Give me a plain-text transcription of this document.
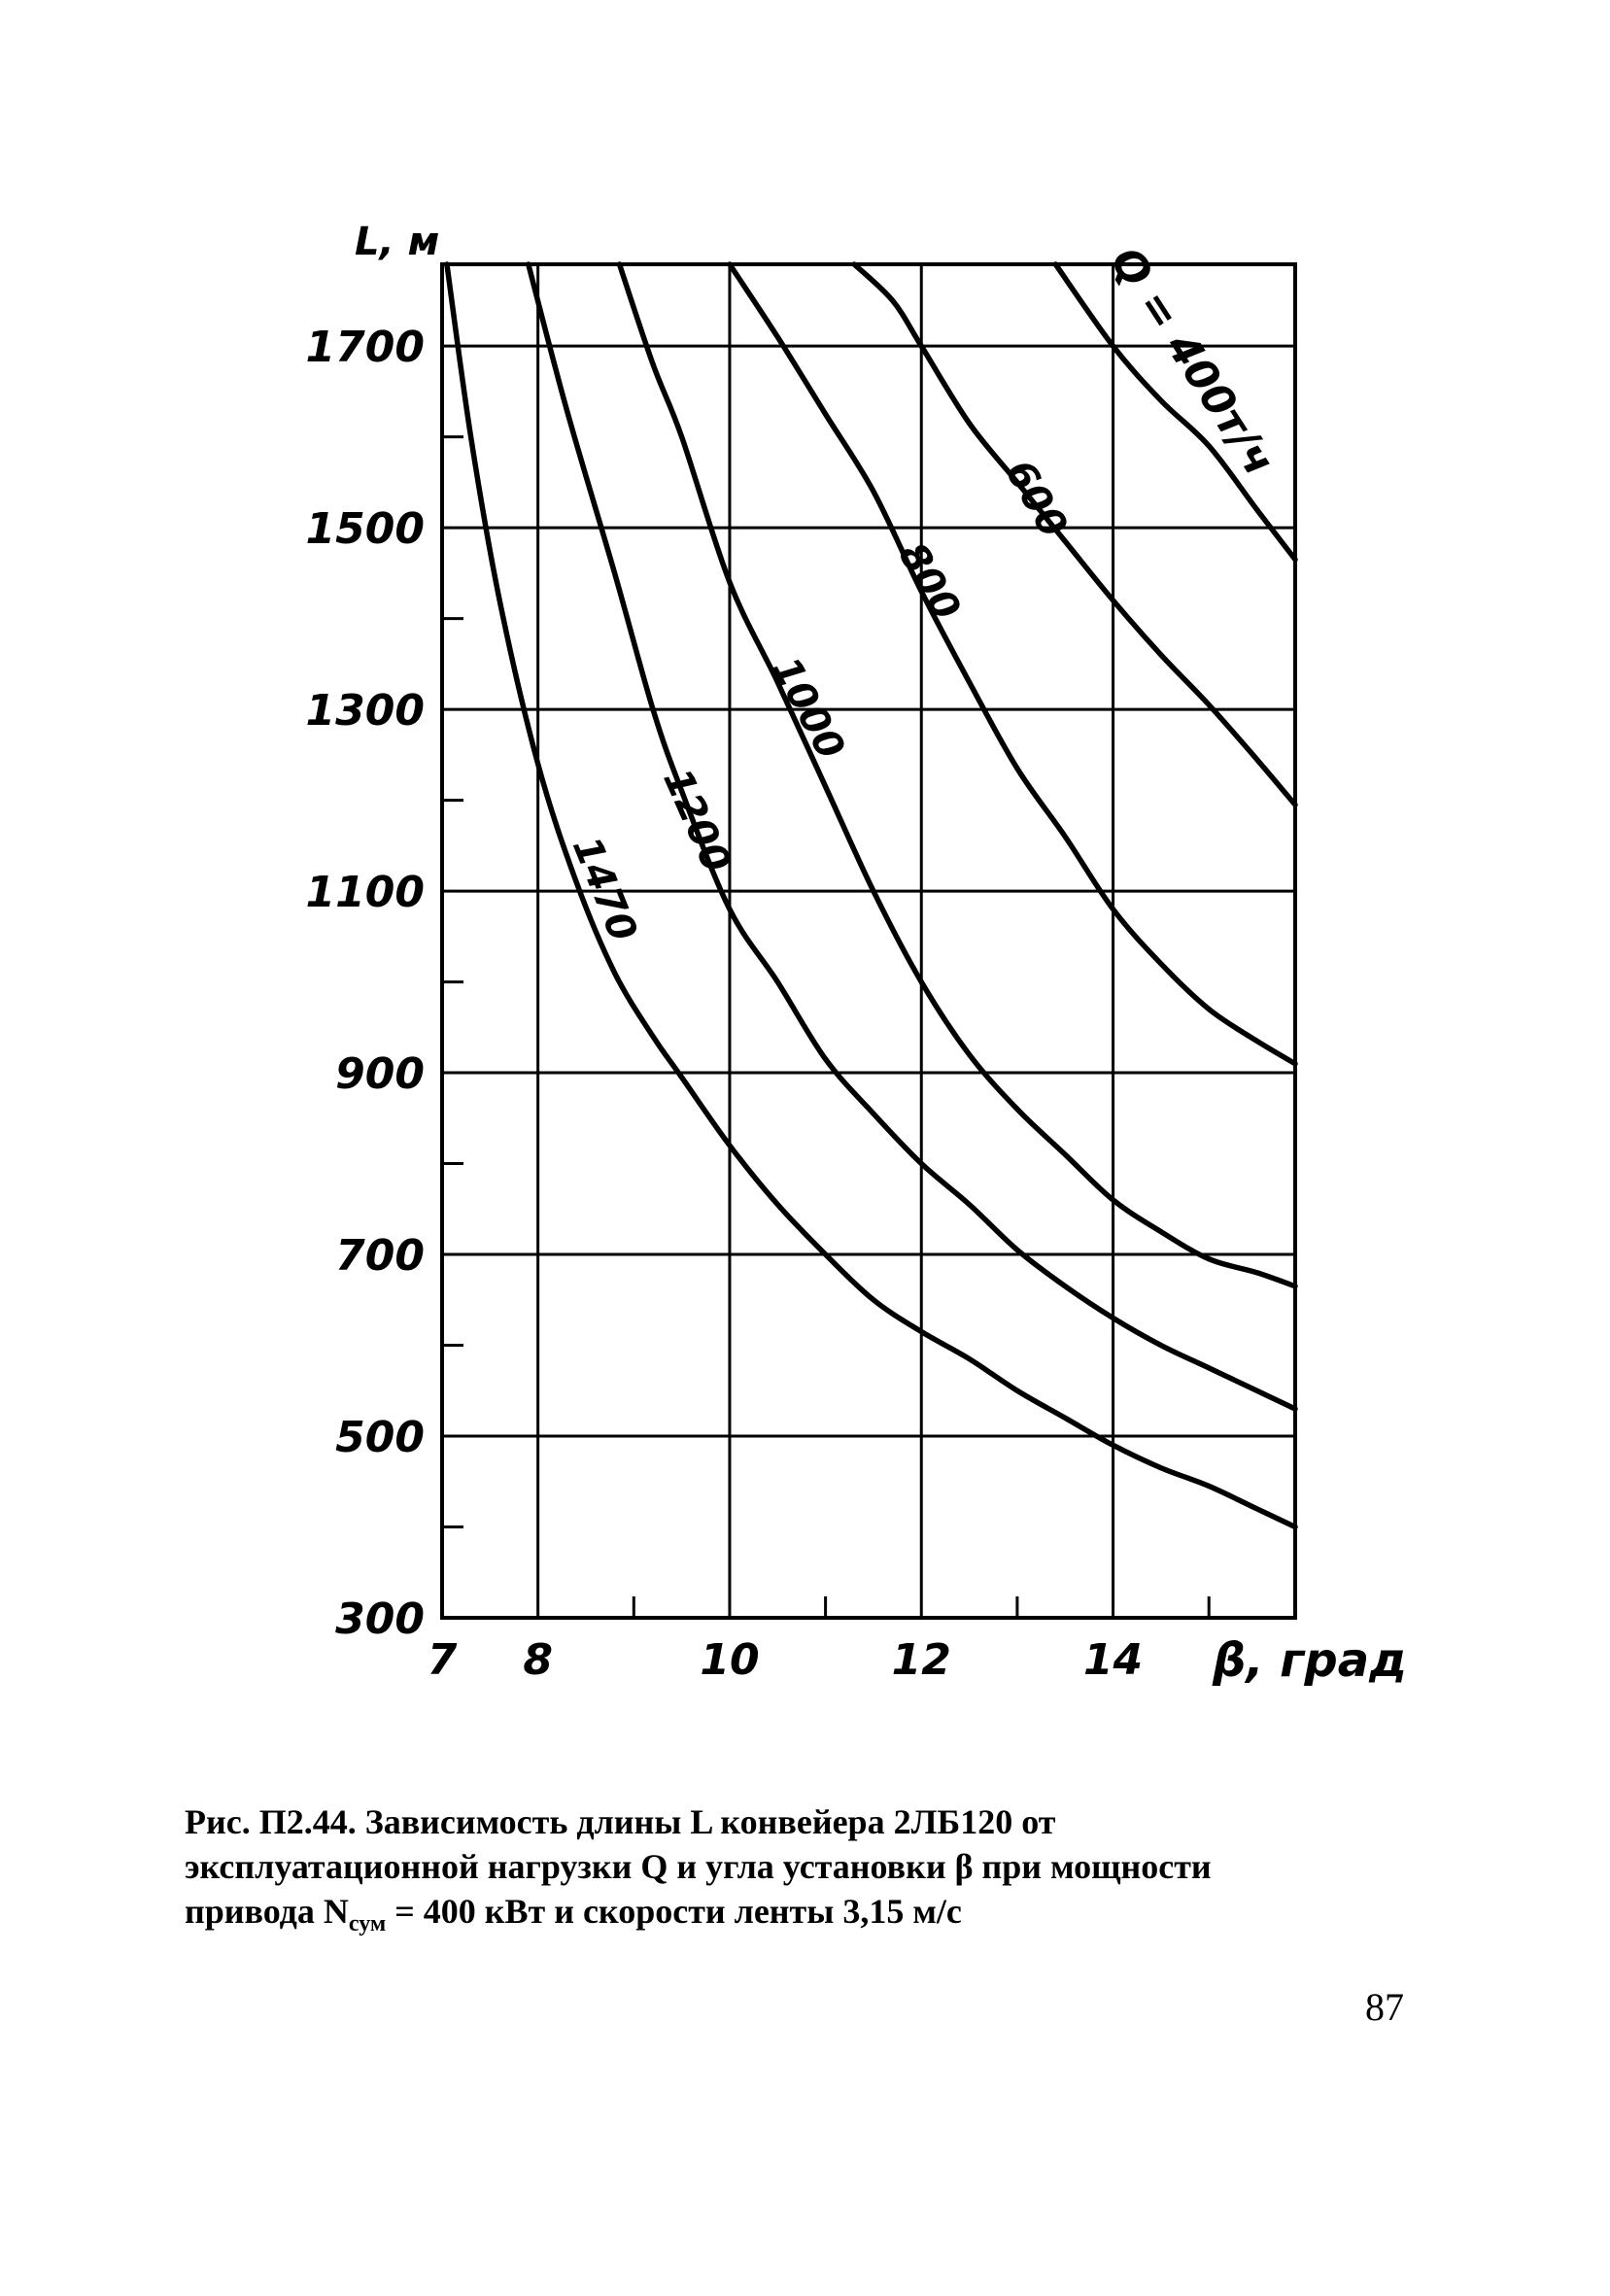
300
500
700
900
1100
1300
1500
1700
7 8	10	12	14
Q = 400т/ч
600
800
1000
1200
1470
L, м
β, град
Рис. П2.44. Зависимость длины L конвейера 2ЛБ120 от
эксплуатационной нагрузки Q и угла установки β при мощности
привода $N_{сум} = 400$ кВт и скорости ленты 3,15 м/с
87
